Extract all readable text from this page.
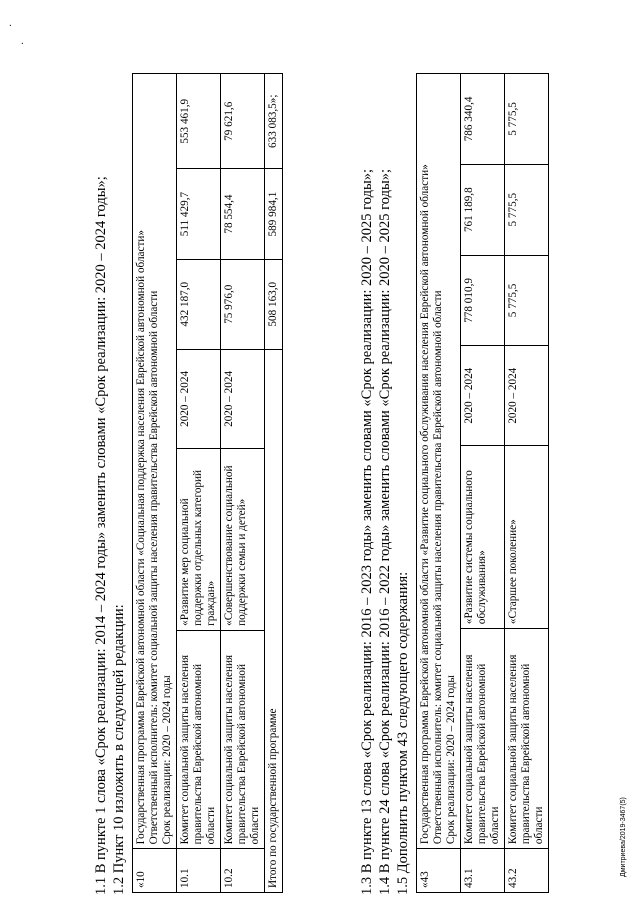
·
·
1.1 В пункте 1 слова «Срок реализации: 2014 – 2024 годы» заменить словами «Срок реализации: 2020 – 2024 годы»; 1.2 Пункт 10 изложить в следующей редакции: «10	Государственная программа Еврейской автономной области «Социальная поддержка населения Еврейской автономной области» Ответственный исполнитель: комитет социальной защиты населения правительства Еврейской автономной области Срок реализации: 2020 – 2024 годы					

10.1	Комитет социальной защиты населения правительства Еврейской автономной области	«Развитие мер социальной поддержки отдельных категорий граждан»	2020 – 2024	432 187,0	511 429,7	553 461,9
10.2	Комитет социальной защиты населения правительства Еврейской автономной области	«Совершенствование социальной поддержки семьи и детей»	2020 – 2024	75 976,0	78 554,4	79 621,6
Итого по государственной программе				508 163,0	589 984,1	633 083,5»;
1.3 В пункте 13 слова «Срок реализации: 2016 – 2023 годы» заменить словами «Срок реализации: 2020 – 2025 годы»; 1.4 В пункте 24 слова «Срок реализации: 2016 – 2022 годы» заменить словами «Срок реализации: 2020 – 2025 годы»; 1.5 Дополнить пунктом 43 следующего содержания: «43	Государственная программа Еврейской автономной области «Развитие социального обслуживания населения Еврейской автономной области» Ответственный исполнитель: комитет социальной защиты населения правительства Еврейской автономной области Срок реализации: 2020 – 2024 годы					

43.1	Комитет социальной защиты населения правительства Еврейской автономной области	«Развитие системы социального обслуживания»	2020 – 2024	778 010,9	761 189,8	786 340,4
43.2	Комитет социальной защиты населения правительства Еврейской автономной области	«Старшее поколение»	2020 – 2024	5 775,5	5 775,5	5 775,5
Дмитриева/2019-3467(5)
